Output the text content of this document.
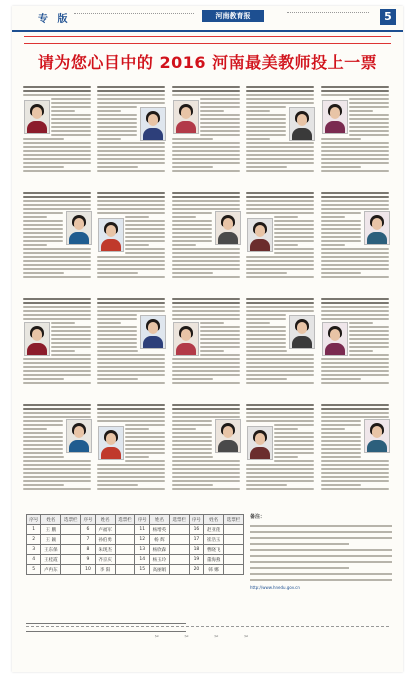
专 版	河南教育报	5
请为您心目中的 2016 河南最美教师投上一票
序号	姓名	选票栏	序号	姓名	选票栏	序号	姓名	选票栏	序号	姓名	选票栏
1	王 鹏		6	卢福军		11	杨增英		16	赵亚莲	
2	王 颖		7	孙伯勇		12	杨 辉		17	崔浩玉	
3	王东保		8	朱现杰		13	杨欣森		18	曹晓飞	
4	王桂霞		9	齐京庆		14	杨玉玲		19	董海燕	
5	卢冉东		10	李 阳		15	高丽娟		20	韩 娜	
备注：
http://www.hnedu.gov.cn
✂ ✂ ✂ ✂
